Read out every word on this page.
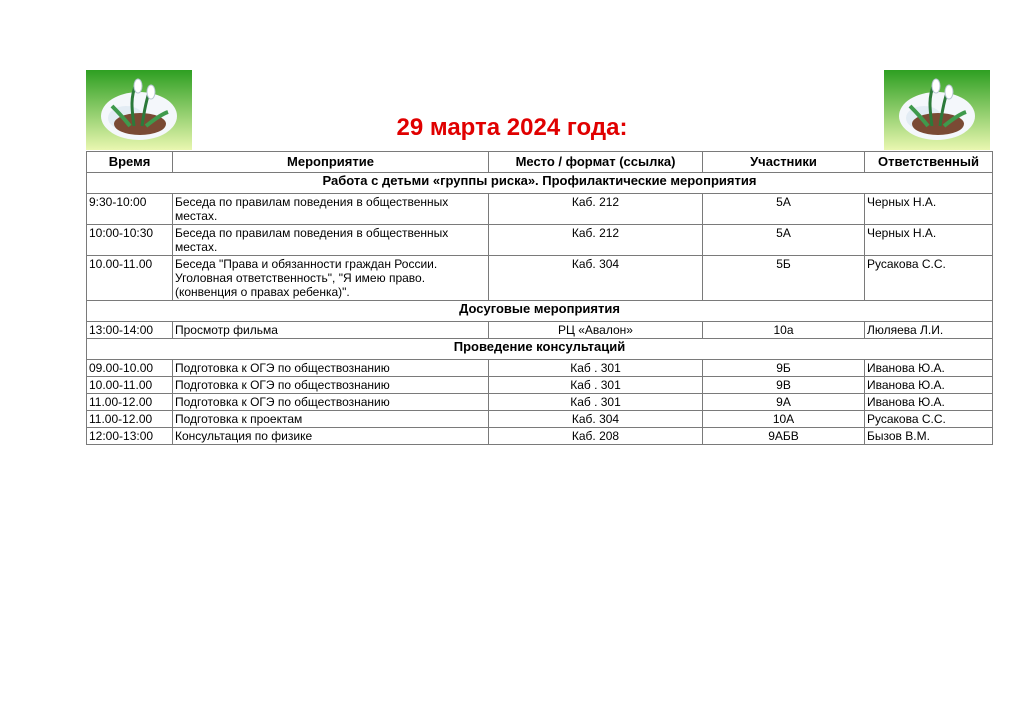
29 марта 2024 года:
Время	Мероприятие	Место / формат (ссылка)	Участники	Ответственный
Работа с детьми «группы риска». Профилактические мероприятия				
9:30-10:00	Беседа по правилам поведения в общественных местах.	Каб. 212	5А	Черных Н.А.
10:00-10:30	Беседа по правилам поведения в общественных местах.	Каб. 212	5А	Черных Н.А.
10.00-11.00	Беседа "Права и обязанности граждан России. Уголовная ответственность", "Я имею право. (конвенция о правах ребенка)".	Каб. 304	5Б	Русакова С.С.
Досуговые мероприятия				
13:00-14:00	Просмотр фильма	РЦ «Авалон»	10а	Люляева Л.И.
Проведение консультаций				
09.00-10.00	Подготовка к ОГЭ по обществознанию	Каб . 301	9Б	Иванова Ю.А.
10.00-11.00	Подготовка к ОГЭ по обществознанию	Каб . 301	9В	Иванова Ю.А.
11.00-12.00	Подготовка к ОГЭ по обществознанию	Каб . 301	9А	Иванова Ю.А.
11.00-12.00	Подготовка к проектам	Каб. 304	10А	Русакова С.С.
12:00-13:00	Консультация по физике	Каб. 208	9АБВ	Бызов В.М.
